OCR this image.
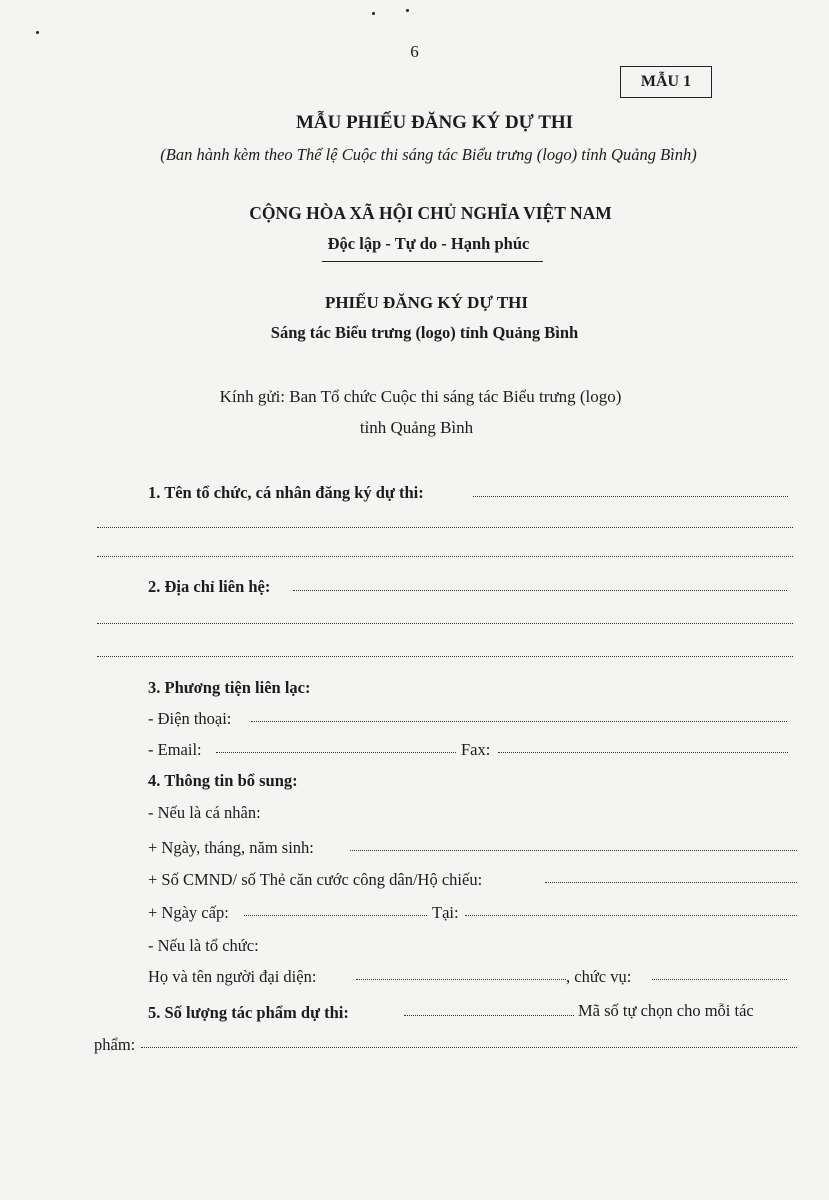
6
MẪU 1
MẪU PHIẾU ĐĂNG KÝ DỰ THI
(Ban hành kèm theo Thể lệ Cuộc thi sáng tác Biểu trưng (logo) tỉnh Quảng Bình)
CỘNG HÒA XÃ HỘI CHỦ NGHĨA VIỆT NAM
Độc lập - Tự do - Hạnh phúc
PHIẾU ĐĂNG KÝ DỰ THI
Sáng tác Biểu trưng (logo) tỉnh Quảng Bình
Kính gửi: Ban Tổ chức Cuộc thi sáng tác Biểu trưng (logo)
tỉnh Quảng Bình
1. Tên tổ chức, cá nhân đăng ký dự thi:
2. Địa chỉ liên hệ:
3. Phương tiện liên lạc:
- Điện thoại:
- Email:	Fax:
4. Thông tin bổ sung:
- Nếu là cá nhân:
+ Ngày, tháng, năm sinh:
+ Số CMND/ số Thẻ căn cước công dân/Hộ chiếu:
+ Ngày cấp:	Tại:
- Nếu là tổ chức:
Họ và tên người đại diện:	, chức vụ:
5. Số lượng tác phẩm dự thi:	Mã số tự chọn cho mỗi tác
phẩm:
